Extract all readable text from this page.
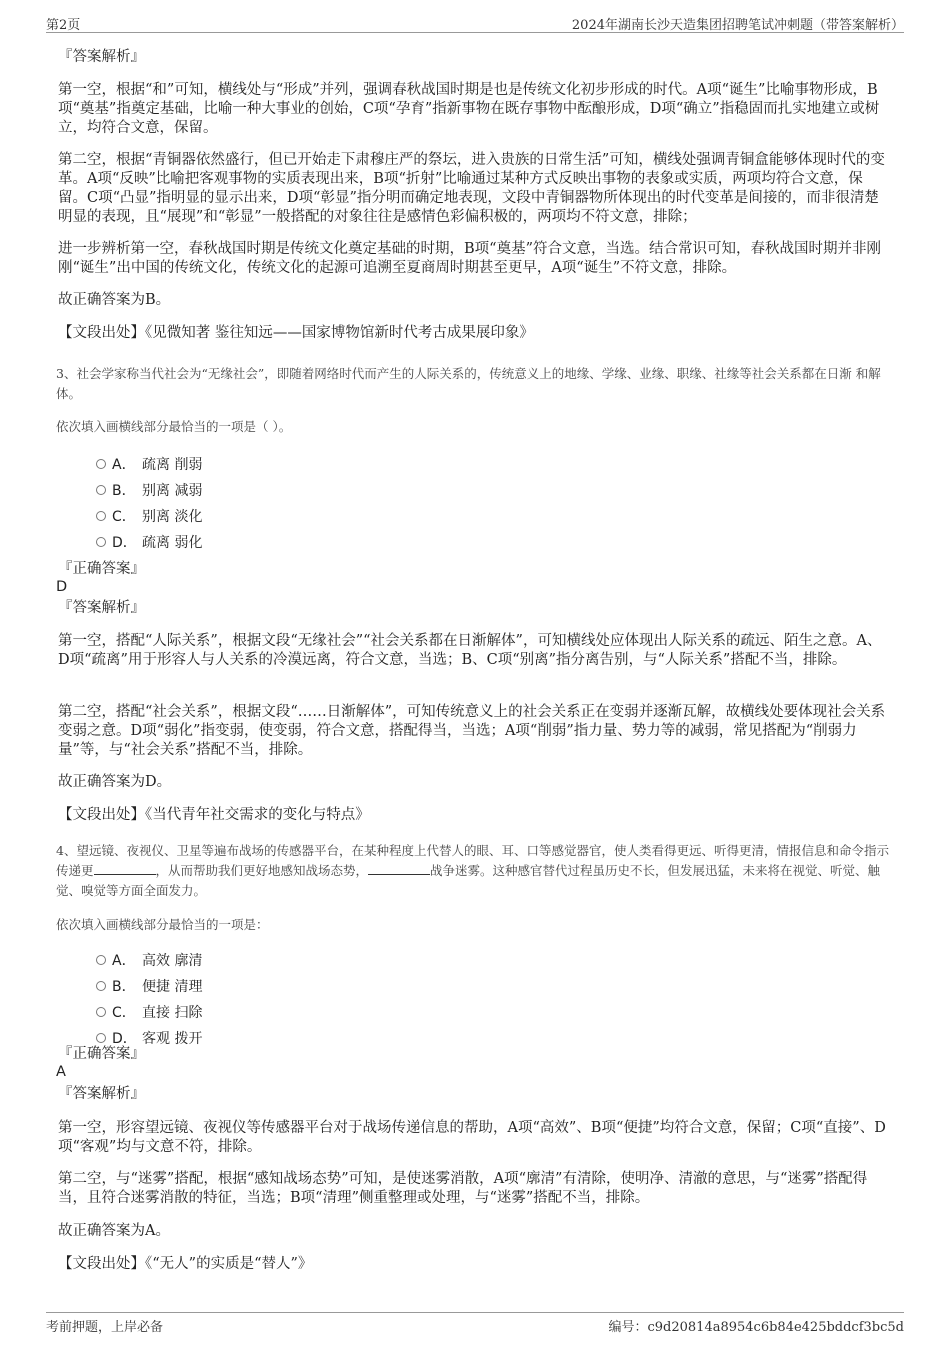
第2页	2024年湖南长沙天造集团招聘笔试冲刺题（带答案解析）
『答案解析』
第一空，根据“和”可知，横线处与“形成”并列，强调春秋战国时期是也是传统文化初步形成的时代。A项“诞生”比喻事物形成，B项“奠基”指奠定基础，比喻一种大事业的创始，C项“孕育”指新事物在既存事物中酝酿形成，D项“确立”指稳固而扎实地建立或树立，均符合文意，保留。
第二空，根据“青铜器依然盛行，但已开始走下肃穆庄严的祭坛，进入贵族的日常生活”可知，横线处强调青铜盒能够体现时代的变革。A项“反映”比喻把客观事物的实质表现出来，B项“折射”比喻通过某种方式反映出事物的表象或实质，两项均符合文意，保留。C项“凸显”指明显的显示出来，D项“彰显”指分明而确定地表现，文段中青铜器物所体现出的时代变革是间接的，而非很清楚明显的表现，且“展现”和“彰显”一般搭配的对象往往是感情色彩偏积极的，两项均不符文意，排除；
进一步辨析第一空，春秋战国时期是传统文化奠定基础的时期，B项“奠基”符合文意，当选。结合常识可知，春秋战国时期并非刚刚“诞生”出中国的传统文化，传统文化的起源可追溯至夏商周时期甚至更早，A项“诞生”不符文意，排除。
故正确答案为B。
【文段出处】《见微知著 鉴往知远——国家博物馆新时代考古成果展印象》
3、社会学家称当代社会为“无缘社会”，即随着网络时代而产生的人际关系的，传统意义上的地缘、学缘、业缘、职缘、社缘等社会关系都在日渐 和解体。
依次填入画横线部分最恰当的一项是（ ）。
A． 疏离 削弱
B． 别离 减弱
C． 别离 淡化
D． 疏离 弱化
『正确答案』
D
『答案解析』
第一空，搭配“人际关系”，根据文段“无缘社会”“社会关系都在日渐解体”，可知横线处应体现出人际关系的疏远、陌生之意。A、D项“疏离”用于形容人与人关系的冷漠远离，符合文意，当选；B、C项“别离”指分离告别，与“人际关系”搭配不当，排除。
第二空，搭配“社会关系”，根据文段“……日渐解体”，可知传统意义上的社会关系正在变弱并逐渐瓦解，故横线处要体现社会关系变弱之意。D项“弱化”指变弱，使变弱，符合文意，搭配得当，当选；A项“削弱”指力量、势力等的减弱，常见搭配为“削弱力量”等，与“社会关系”搭配不当，排除。
故正确答案为D。
【文段出处】《当代青年社交需求的变化与特点》
4、望远镜、夜视仪、卫星等遍布战场的传感器平台，在某种程度上代替人的眼、耳、口等感觉器官，使人类看得更远、听得更清，情报信息和命令指示传递更	，从而帮助我们更好地感知战场态势，	战争迷雾。这种感官替代过程虽历史不长，但发展迅猛，未来将在视觉、听觉、触觉、嗅觉等方面全面发力。
依次填入画横线部分最恰当的一项是：
A． 高效 廓清
B． 便捷 清理
C． 直接 扫除
D． 客观 拨开
『正确答案』
A
『答案解析』
第一空，形容望远镜、夜视仪等传感器平台对于战场传递信息的帮助，A项“高效”、B项“便捷”均符合文意，保留；C项“直接”、D项“客观”均与文意不符，排除。
第二空，与“迷雾”搭配，根据“感知战场态势”可知，是使迷雾消散，A项“廓清”有清除，使明净、清澈的意思，与“迷雾”搭配得当，且符合迷雾消散的特征，当选；B项“清理”侧重整理或处理，与“迷雾”搭配不当，排除。
故正确答案为A。
【文段出处】《“无人”的实质是“替人”》
考前押题，上岸必备	编号：c9d20814a8954c6b84e425bddcf3bc5d
